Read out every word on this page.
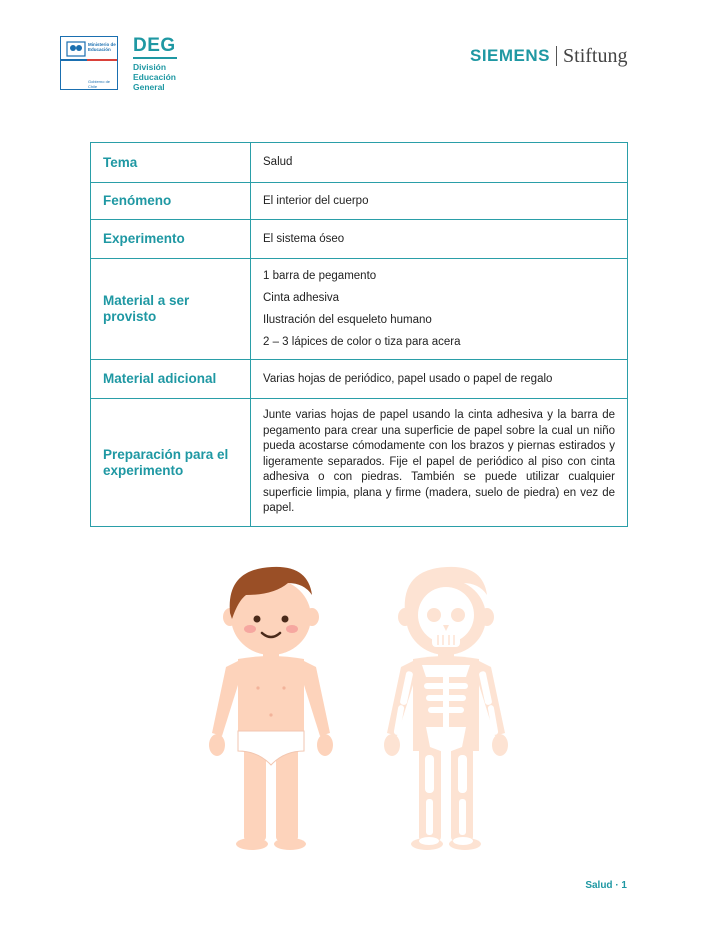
Ministerio de Educación
Gobierno de Chile
DEG
División
Educación
General
SIEMENS Stiftung
Tema	Salud
Fenómeno	El interior del cuerpo
Experimento	El sistema óseo
Material a ser provisto	1 barra de pegamento
Cinta adhesiva
Ilustración del esqueleto humano
2 – 3 lápices de color o tiza para acera

Material adicional	Varias hojas de periódico, papel usado o papel de regalo
Preparación para el experimento	Junte varias hojas de papel usando la cinta adhesiva y la barra de pegamento para crear una superficie de papel sobre la cual un niño pueda acostarse cómodamente con los brazos y piernas estirados y ligeramente separados. Fije el papel de periódico al piso con cinta adhesiva o con piedras. También se puede utilizar cualquier superficie limpia, plana y firme (madera, suelo de piedra) en vez de papel.
Salud · 1
